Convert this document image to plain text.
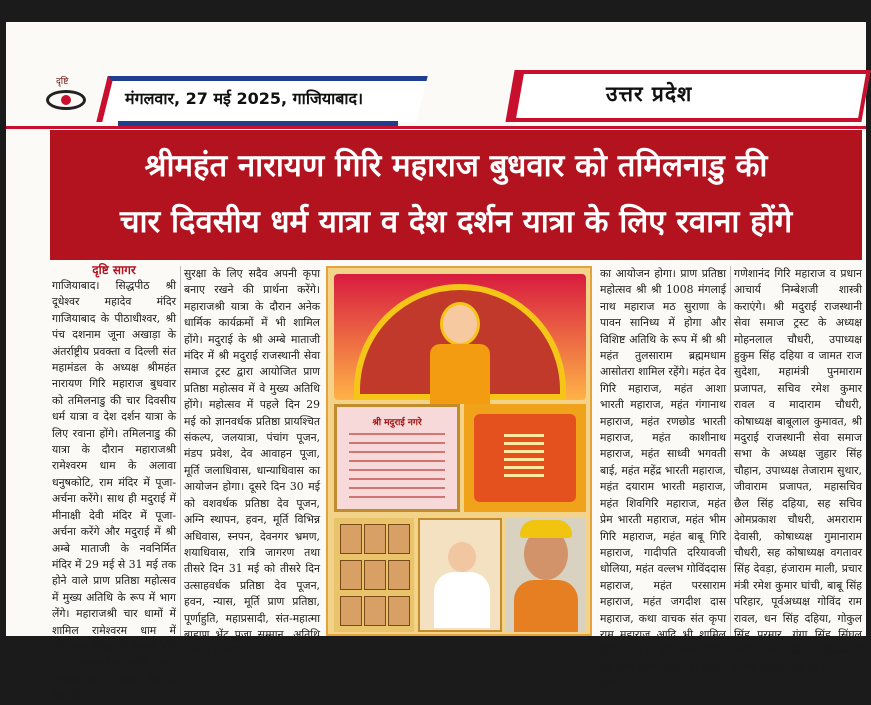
दृष्टि
मंगलवार, 27 मई 2025, गाजियाबाद।	उत्तर प्रदेश
श्रीमहंत नारायण गिरि महाराज बुधवार को तमिलनाडु की
चार दिवसीय धर्म यात्रा व देश दर्शन यात्रा के लिए रवाना होंगे
दृष्टि सागर
गाजियाबाद। सिद्धपीठ श्री दूधेश्वर महादेव मंदिर गाजियाबाद के पीठाधीश्वर, श्री पंच दशनाम जूना अखाड़ा के अंतर्राष्ट्रीय प्रवक्ता व दिल्ली संत महामंडल के अध्यक्ष श्रीमहंत नारायण गिरि महाराज बुधवार को तमिलनाडु की चार दिवसीय धर्म यात्रा व देश दर्शन यात्रा के लिए रवाना होंगे। तमिलनाडु की यात्रा के दौरान महाराजश्री रामेश्वरम धाम के अलावा धनुषकोटि, राम मंदिर में पूजा-अर्चना करेंगे। साथ ही मदुराई में मीनाक्षी देवी मंदिर में पूजा-अर्चना करेंगे और मदुराई में श्री अम्बे माताजी के नवनिर्मित मंदिर में 29 मई से 31 मई तक होने वाले प्राण प्रतिष्ठा महोत्सव में मुख्य अतिथि के रूप में भाग लेंगे। महाराजश्री चार धामों में शामिल रामेश्वरम धाम में ऑपरेशन सिंदूर के सफल होने पर पूजा-अर्चना करेंगे और भगवान राम व भगवान शिव से देश की
सुरक्षा के लिए सदैव अपनी कृपा बनाए रखने की प्रार्थना करेंगे। महाराजश्री यात्रा के दौरान अनेक धार्मिक कार्यक्रमों में भी शामिल होंगे। मदुराई के श्री अम्बे माताजी मंदिर में श्री मदुराई राजस्थानी सेवा समाज ट्रस्ट द्वारा आयोजित प्राण प्रतिष्ठा महोत्सव में वे मुख्य अतिथि होंगे। महोत्सव में पहले दिन 29 मई को ज्ञानवर्धक प्रतिष्ठा प्रायश्चित संकल्प, जलयात्रा, पंचांग पूजन, मंडप प्रवेश, देव आवाहन पूजा, मूर्ति जलाधिवास, धान्याधिवास का आयोजन होगा। दूसरे दिन 30 मई को वशवर्धक प्रतिष्ठा देव पूजन, अग्नि स्थापन, हवन, मूर्ति विभिन्न अधिवास, स्नपन, देवनगर भ्रमण, शयाधिवास, रात्रि जागरण तथा तीसरे दिन 31 मई को तीसरे दिन उत्साहवर्धक प्रतिष्ठा देव पूजन, हवन, न्यास, मूर्ति प्राण प्रतिष्ठा, पूर्णाहुति, महाप्रसादी, संत-महात्मा ब्राह्मण भेंट पूजा सम्मान, अतिथि स्वागत सम्मान
श्री मदुराई नगरे
का आयोजन होगा। प्राण प्रतिष्ठा महोत्सव श्री श्री 1008 मंगलाई नाथ महाराज मठ सुराणा के पावन सानिध्य में होगा और विशिष्ट अतिथि के रूप में श्री श्री महंत तुलसाराम ब्रह्ममधाम आसोतरा शामिल रहेंगे। महंत देव गिरि महाराज, महंत आशा भारती महाराज, महंत गंगानाथ महाराज, महंत रणछोड भारती महाराज, महंत काशीनाथ महाराज, महंत साध्वी भगवती बाई, महंत महेंद्र भारती महाराज, महंत दयाराम भारती महाराज, महंत शिवगिरि महाराज, महंत प्रेम भारती महाराज, महंत भीम गिरि महाराज, महंत बाबू गिरि महाराज, गादीपति दरियावजी धोलिया, महंत वल्लभ गोविंददास महाराज, महंत परसाराम महाराज, महंत जगदीश दास महाराज, कथा वाचक संत कृपा राम महाराज आदि भी शामिल होंगे। हवन व मूर्ति प्राण प्रतिष्ठा का सभी कार्य काशी के विद्वान स्वामी
गणेशानंद गिरि महाराज व प्रधान आचार्य निम्बेशजी शास्त्री कराएंगे। श्री मदुराई राजस्थानी सेवा समाज ट्रस्ट के अध्यक्ष मोहनलाल चौधरी, उपाध्यक्ष हुकुम सिंह दहिया व जामत राज सुदेशा, महामंत्री पुनमाराम प्रजापत, सचिव रमेश कुमार रावल व मादाराम चौधरी, कोषाध्यक्ष बाबूलाल कुमावत, श्री मदुराई राजस्थानी सेवा समाज सभा के अध्यक्ष जुहार सिंह चौहान, उपाध्यक्ष तेजाराम सुथार, जीवाराम प्रजापत, महासचिव छैल सिंह दहिया, सह सचिव ओमप्रकाश चौधरी, अमराराम देवासी, कोषाध्यक्ष गुमानाराम चौधरी, सह कोषाध्यक्ष वगतावर सिंह देवड़ा, हंजाराम माली, प्रचार मंत्री रमेश कुमार घांची, बाबू सिंह परिहार, पूर्वअध्यक्ष गोविंद राम रावल, धन सिंह दहिया, गोकुल सिंह परमार, गंगा सिंह सिंघल आदि प्राण प्रतिष्ठा महोत्सव में विशेष सहयोग कर रहे हैं।
